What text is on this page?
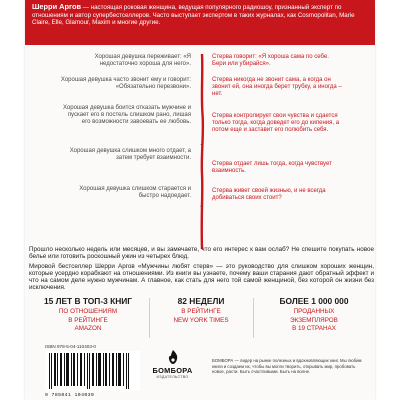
Шерри Аргов — настоящая роковая женщина, ведущая популярного радиошоу, признанный эксперт по отношениям и автор супербестселлеров. Часто выступает экспертом в таких журналах, как Cosmopolitan, Marie Claire, Elle, Glamour, Maxim и многие другие.

Хорошая девушка переживает: «Я недостаточно хороша для него».

Хорошая девушка часто звонит ему и говорит: «Обязательно перезвони».

Хорошая девушка боится отказать мужчине и пускает его в постель слишком рано, лишая его возможности завоевать ее любовь.

Хорошая девушка слишком много отдает, а затем требует взаимности.

Хорошая девушка слишком старается и быстро надоедает.

Стерва говорит: «Я хороша сама по себе. Бери или убирайся».

Стерва никогда не звонит сама, а когда он звонит ей, она иногда берет трубку, а иногда – нет.

Стерва контролирует свои чувства и сдается только тогда, когда доведет его до кипения, а потом еще и заставит его полюбить себя.

Стерва отдает лишь тогда, когда чувствует взаимность.

Стерва живет своей жизнью, и не всегда добиваться своих стоит?

Прошло несколько недель или месяцев, и вы замечаете, что его интерес к вам ослаб? Не спешите покупать новое белье или готовить роскошный ужин из четырех блюд.

Мировой бестселлер Шерри Аргов «Мужчины любят стерв» — это руководство для слишком хороших женщин, которые усердно корабхают на отношениями. Из книги вы узнаете, почему ваши старания дают обратный эффект и что на самом деле нужно мужчинам. А главное, как стать для него той самой женщиной, без которой он жизни без исключения.

15 ЛЕТ В ТОП-3 КНИГ
ПО ОТНОШЕНИЯМ
В РЕЙТИНГЕ
AMAZON
82 НЕДЕЛИ
В РЕЙТИНГЕ
NEW YORK TIMES
БОЛЕЕ 1 000 000
ПРОДАННЫХ
ЭКЗЕМПЛЯРОВ
В 19 СТРАНАХ
ISBN 978-5-04-110403-0
9 785041 104030
БОМБОРА
ИЗДАТЕЛЬСТВО
БОМБОРА — лидер на рынке полезных и вдохновляющих книг. Мы любим книги и создаем их, чтобы вы могли творить, открывать мир, пробовать новое, расти. Быть счастливыми. Быть на волне.
